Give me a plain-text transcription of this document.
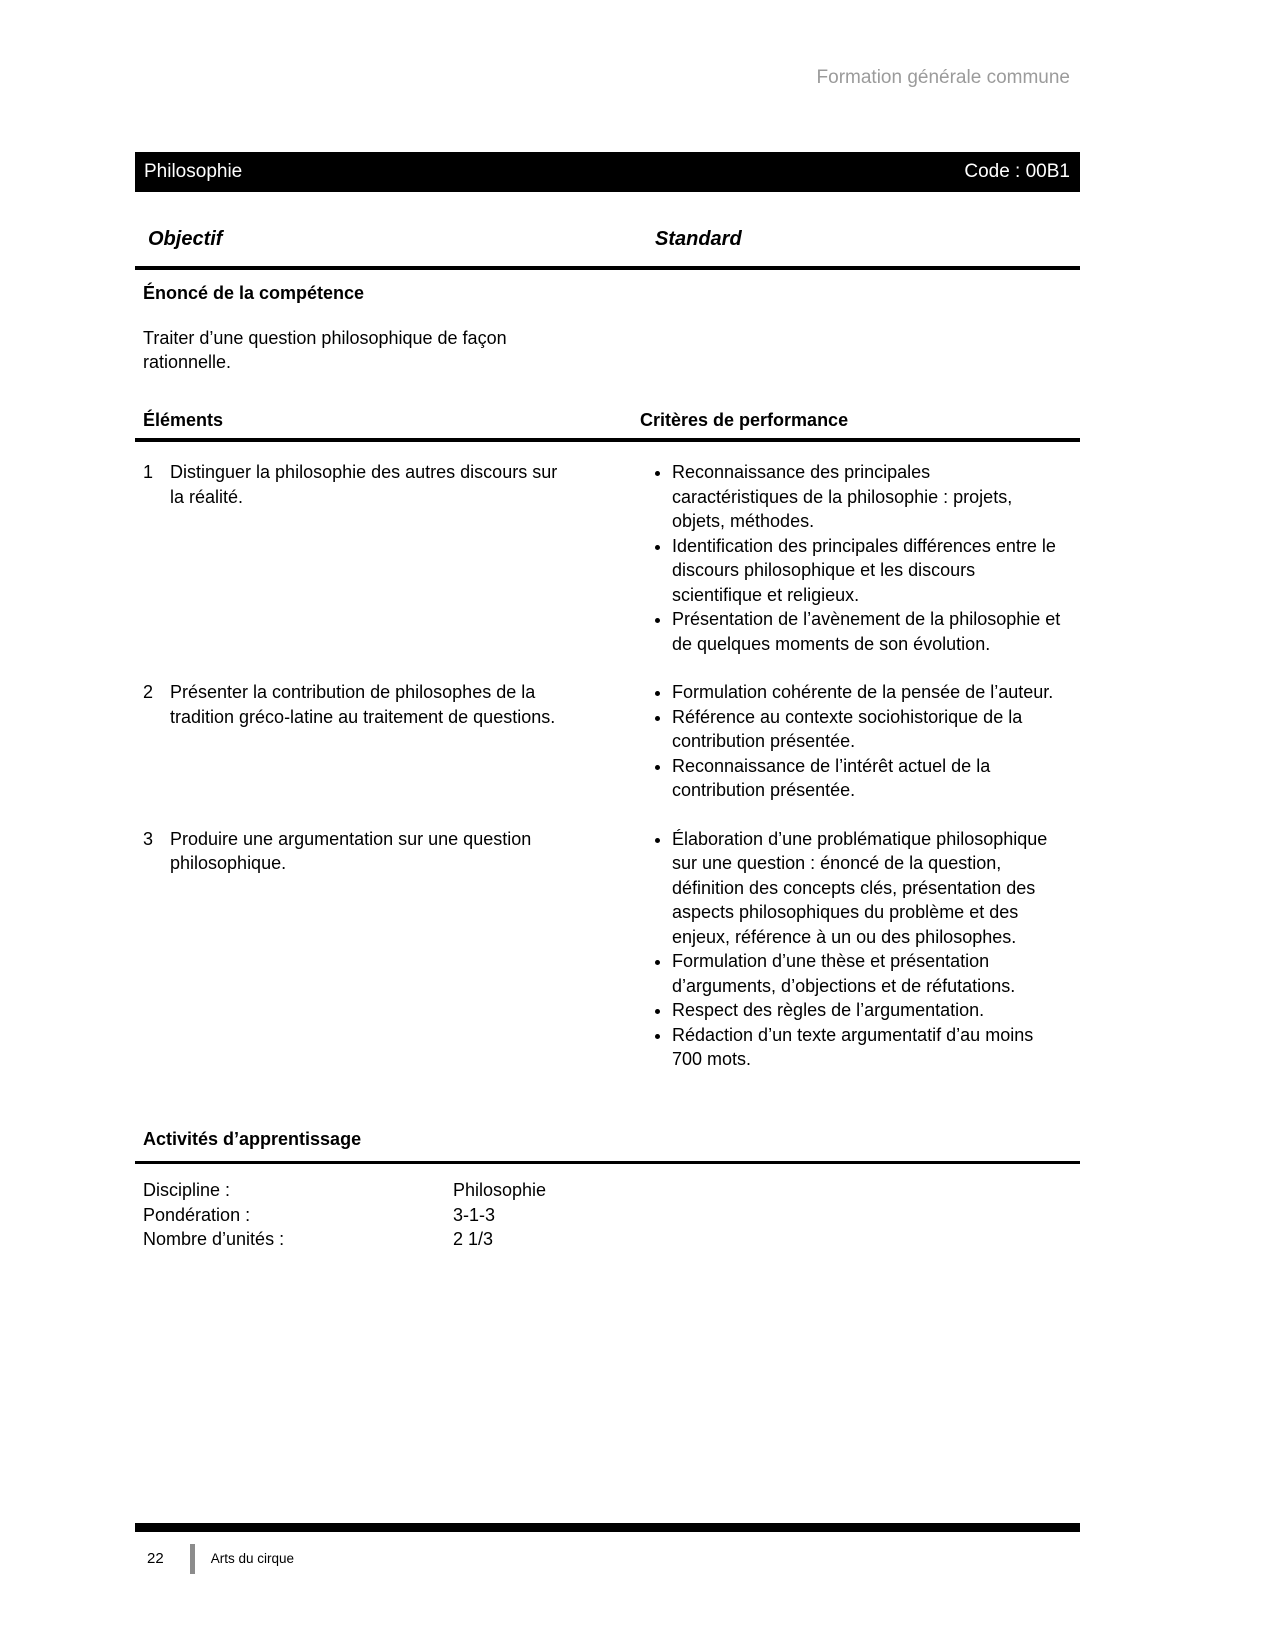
Formation générale commune
Philosophie	Code : 00B1
Objectif	Standard
Énoncé de la compétence
Traiter d’une question philosophique de façon rationnelle.
Éléments	Critères de performance
1 Distinguer la philosophie des autres discours sur la réalité.
• Reconnaissance des principales caractéristiques de la philosophie : projets, objets, méthodes.
• Identification des principales différences entre le discours philosophique et les discours scientifique et religieux.
• Présentation de l’avènement de la philosophie et de quelques moments de son évolution.
2 Présenter la contribution de philosophes de la tradition gréco-latine au traitement de questions.
• Formulation cohérente de la pensée de l’auteur.
• Référence au contexte sociohistorique de la contribution présentée.
• Reconnaissance de l’intérêt actuel de la contribution présentée.
3 Produire une argumentation sur une question philosophique.
• Élaboration d’une problématique philosophique sur une question : énoncé de la question, définition des concepts clés, présentation des aspects philosophiques du problème et des enjeux, référence à un ou des philosophes.
• Formulation d’une thèse et présentation d’arguments, d’objections et de réfutations.
• Respect des règles de l’argumentation.
• Rédaction d’un texte argumentatif d’au moins 700 mots.
Activités d’apprentissage
Discipline :	Philosophie
Pondération :	3-1-3
Nombre d’unités :	2 1/3
22	Arts du cirque
